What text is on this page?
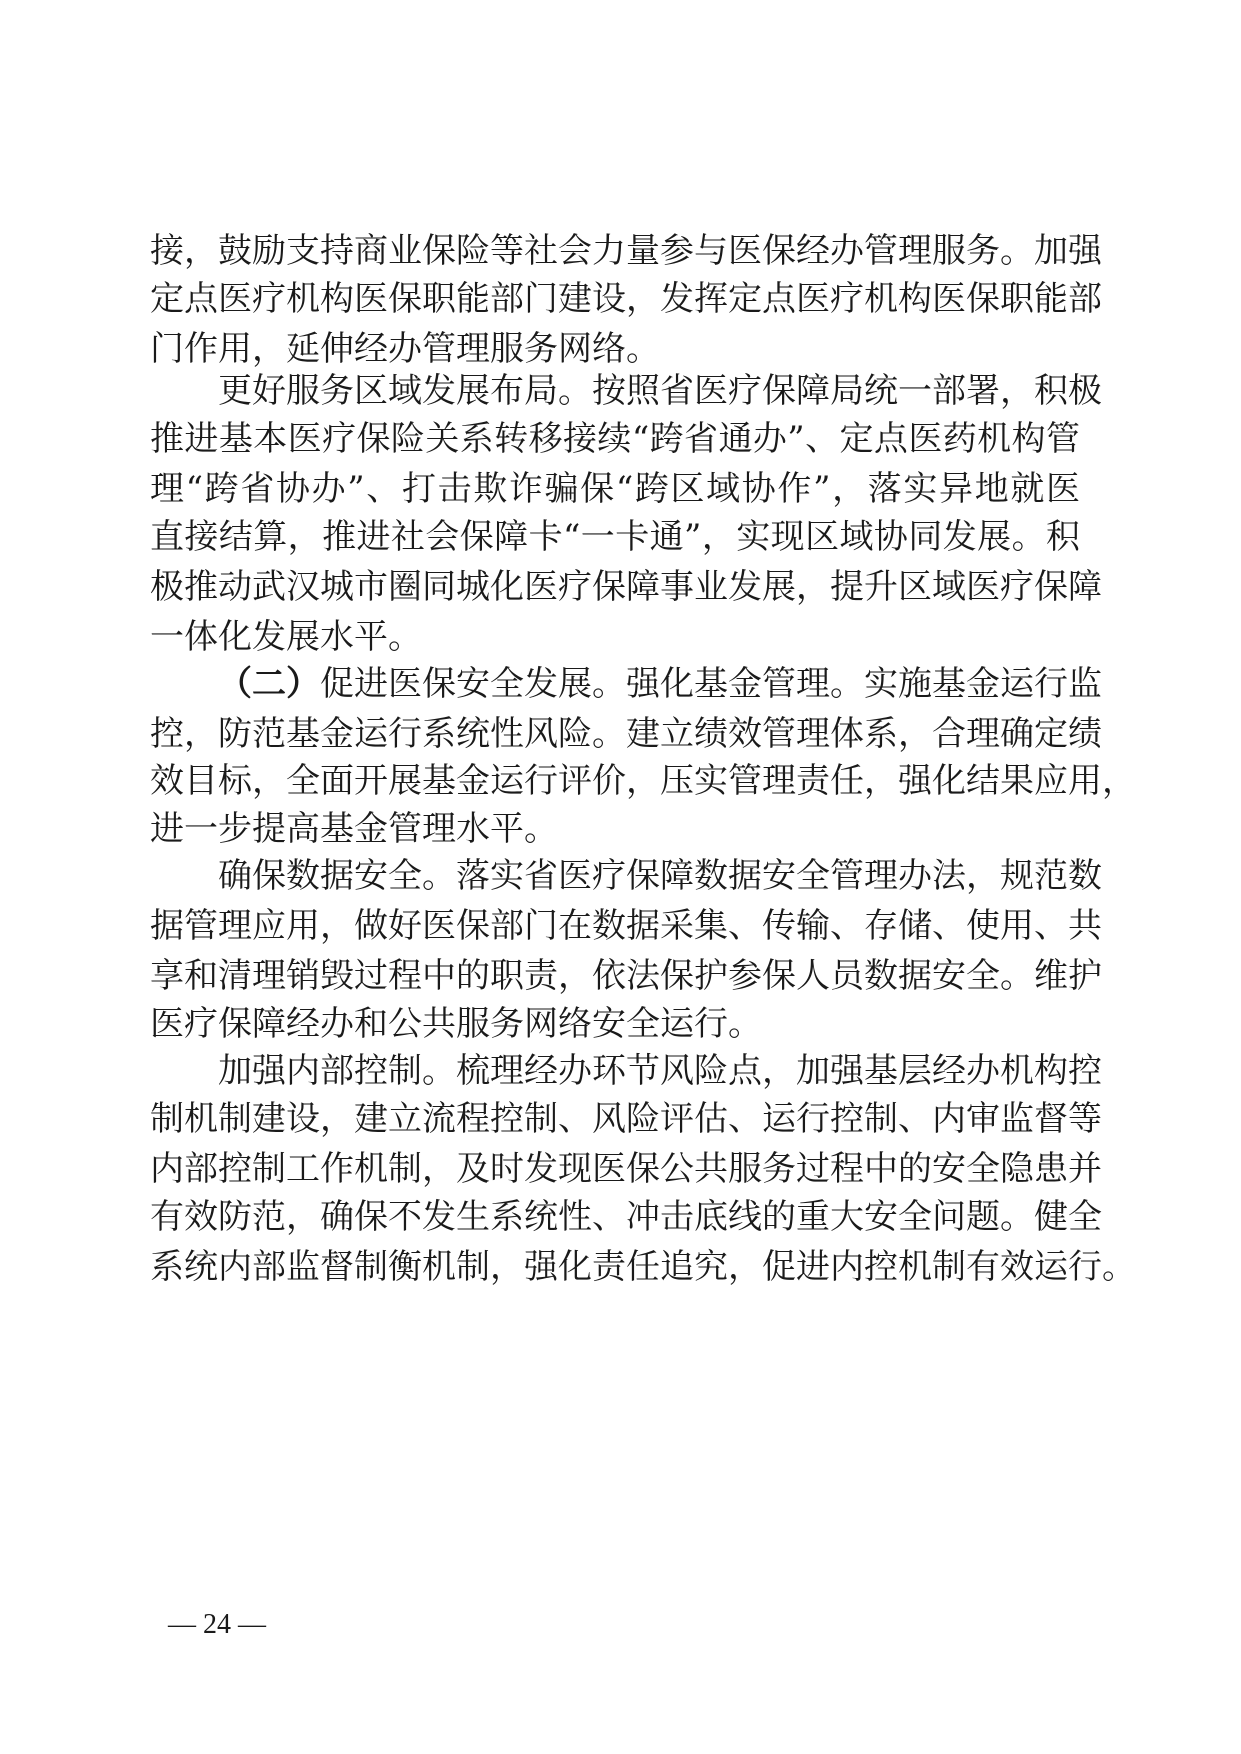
接，鼓励支持商业保险等社会力量参与医保经办管理服务。加强
定点医疗机构医保职能部门建设，发挥定点医疗机构医保职能部
门作用，延伸经办管理服务网络。
更好服务区域发展布局。按照省医疗保障局统一部署，积极
推进基本医疗保险关系转移接续“跨省通办”、定点医药机构管
理“跨省协办”、打击欺诈骗保“跨区域协作”，落实异地就医
直接结算，推进社会保障卡“一卡通”，实现区域协同发展。积
极推动武汉城市圈同城化医疗保障事业发展，提升区域医疗保障
一体化发展水平。
（二）促进医保安全发展。强化基金管理。实施基金运行监
控，防范基金运行系统性风险。建立绩效管理体系，合理确定绩
效目标，全面开展基金运行评价，压实管理责任，强化结果应用，
进一步提高基金管理水平。
确保数据安全。落实省医疗保障数据安全管理办法，规范数
据管理应用，做好医保部门在数据采集、传输、存储、使用、共
享和清理销毁过程中的职责，依法保护参保人员数据安全。维护
医疗保障经办和公共服务网络安全运行。
加强内部控制。梳理经办环节风险点，加强基层经办机构控
制机制建设，建立流程控制、风险评估、运行控制、内审监督等
内部控制工作机制，及时发现医保公共服务过程中的安全隐患并
有效防范，确保不发生系统性、冲击底线的重大安全问题。健全
系统内部监督制衡机制，强化责任追究，促进内控机制有效运行。
— 24 —
